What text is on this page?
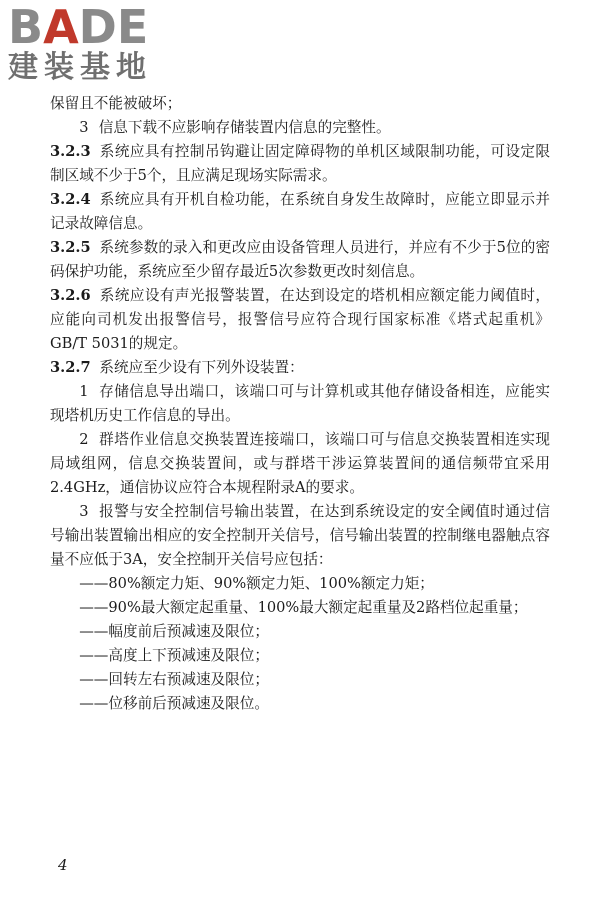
BADE
建装基地

保留且不能被破坏；

3 信息下载不应影响存储装置内信息的完整性。

3.2.3 系统应具有控制吊钩避让固定障碍物的单机区域限制功能，可设定限制区域不少于5个，且应满足现场实际需求。

3.2.4 系统应具有开机自检功能，在系统自身发生故障时，应能立即显示并记录故障信息。

3.2.5 系统参数的录入和更改应由设备管理人员进行，并应有不少于5位的密码保护功能，系统应至少留存最近5次参数更改时刻信息。

3.2.6 系统应设有声光报警装置，在达到设定的塔机相应额定能力阈值时，应能向司机发出报警信号，报警信号应符合现行国家标准《塔式起重机》GB/T 5031的规定。

3.2.7 系统应至少设有下列外设装置：

1 存储信息导出端口，该端口可与计算机或其他存储设备相连，应能实现塔机历史工作信息的导出。

2 群塔作业信息交换装置连接端口，该端口可与信息交换装置相连实现局域组网，信息交换装置间，或与群塔干涉运算装置间的通信频带宜采用2.4GHz，通信协议应符合本规程附录A的要求。

3 报警与安全控制信号输出装置，在达到系统设定的安全阈值时通过信号输出装置输出相应的安全控制开关信号，信号输出装置的控制继电器触点容量不应低于3A，安全控制开关信号应包括：

——80%额定力矩、90%额定力矩、100%额定力矩；

——90%最大额定起重量、100%最大额定起重量及2路档位起重量；

——幅度前后预减速及限位；

——高度上下预减速及限位；

——回转左右预减速及限位；

——位移前后预减速及限位。

4
